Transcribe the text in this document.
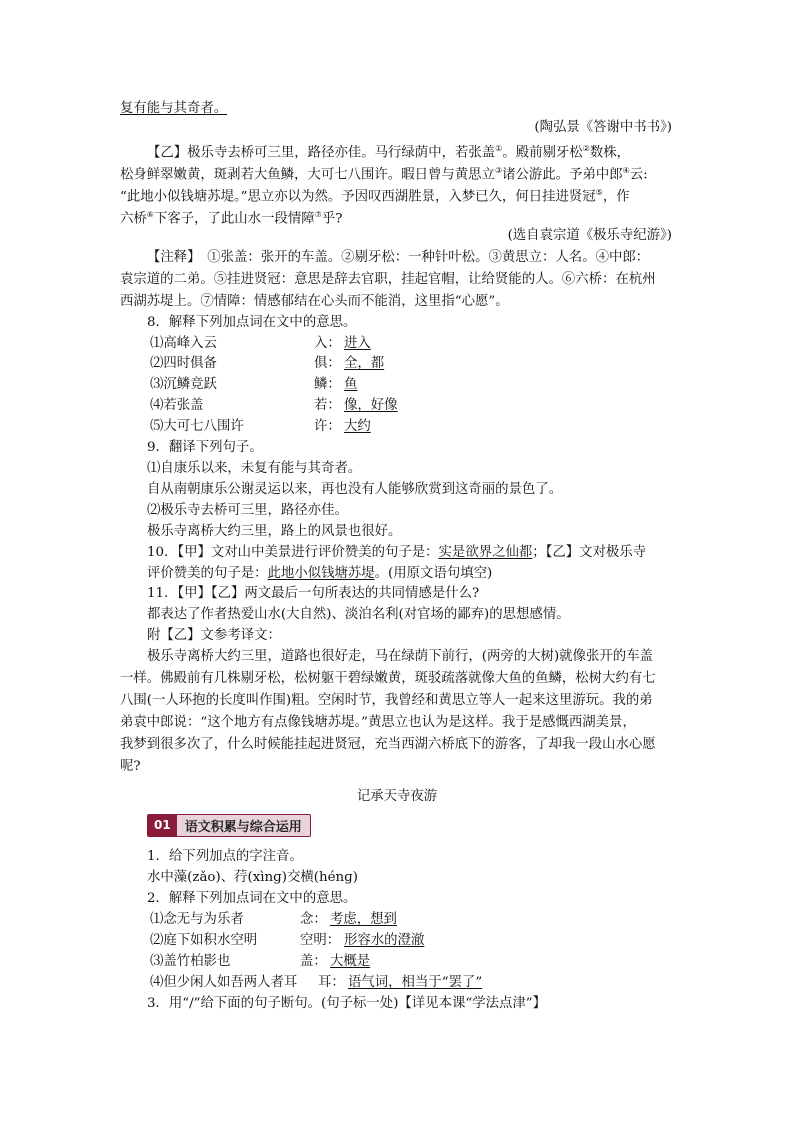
复有能与其奇者。
(陶弘景《答谢中书书》)
【乙】极乐寺去桥可三里，路径亦佳。马行绿荫中，若张盖①。殿前剔牙松②数株，
松身鲜翠嫩黄，斑剥若大鱼鳞，大可七八围许。暇日曾与黄思立③诸公游此。予弟中郎④云:
“此地小似钱塘苏堤。”思立亦以为然。予因叹西湖胜景，入梦已久，何日挂进贤冠⑤，作
六桥⑥下客子，了此山水一段情障⑦乎?
(选自袁宗道《极乐寺纪游》)
【注释】　①张盖：张开的车盖。②剔牙松：一种针叶松。③黄思立：人名。④中郎：
袁宗道的二弟。⑤挂进贤冠：意思是辞去官职，挂起官帽，让给贤能的人。⑥六桥：在杭州
西湖苏堤上。⑦情障：情感郁结在心头而不能消，这里指“心愿”。
8．解释下列加点词在文中的意思。
⑴高峰入云	入： 进入
⑵四时俱备	俱： 全，都
⑶沉鳞竞跃	鳞： 鱼
⑷若张盖	若： 像，好像
⑸大可七八围许	许： 大约
9．翻译下列句子。
⑴自康乐以来，未复有能与其奇者。
自从南朝康乐公谢灵运以来，再也没有人能够欣赏到这奇丽的景色了。
⑵极乐寺去桥可三里，路径亦佳。
极乐寺离桥大约三里，路上的风景也很好。
10．【甲】文对山中美景进行评价赞美的句子是：实是欲界之仙都；【乙】文对极乐寺
评价赞美的句子是：此地小似钱塘苏堤。(用原文语句填空)
11．【甲】【乙】两文最后一句所表达的共同情感是什么?
都表达了作者热爱山水(大自然)、淡泊名利(对官场的鄙弃)的思想感情。
附【乙】文参考译文：
极乐寺离桥大约三里，道路也很好走，马在绿荫下前行，(两旁的大树)就像张开的车盖
一样。佛殿前有几株剔牙松，松树躯干碧绿嫩黄，斑驳疏落就像大鱼的鱼鳞，松树大约有七
八围(一人环抱的长度叫作围)粗。空闲时节，我曾经和黄思立等人一起来这里游玩。我的弟
弟袁中郎说：“这个地方有点像钱塘苏堤。”黄思立也认为是这样。我于是感慨西湖美景，
我梦到很多次了，什么时候能挂起进贤冠，充当西湖六桥底下的游客，了却我一段山水心愿
呢?
记承天寺夜游
01	语文积累与综合运用
1．给下列加点的字注音。
水中藻(zǎo)、荇(xìnɡ)交横(hénɡ)
2．解释下列加点词在文中的意思。
⑴念无与为乐者	念： 考虑，想到
⑵庭下如积水空明	空明： 形容水的澄澈
⑶盖竹柏影也	盖： 大概是
⑷但少闲人如吾两人者耳 耳： 语气词，相当于“罢了”
3．用“/”给下面的句子断句。(句子标一处)【详见本课“学法点津”】
